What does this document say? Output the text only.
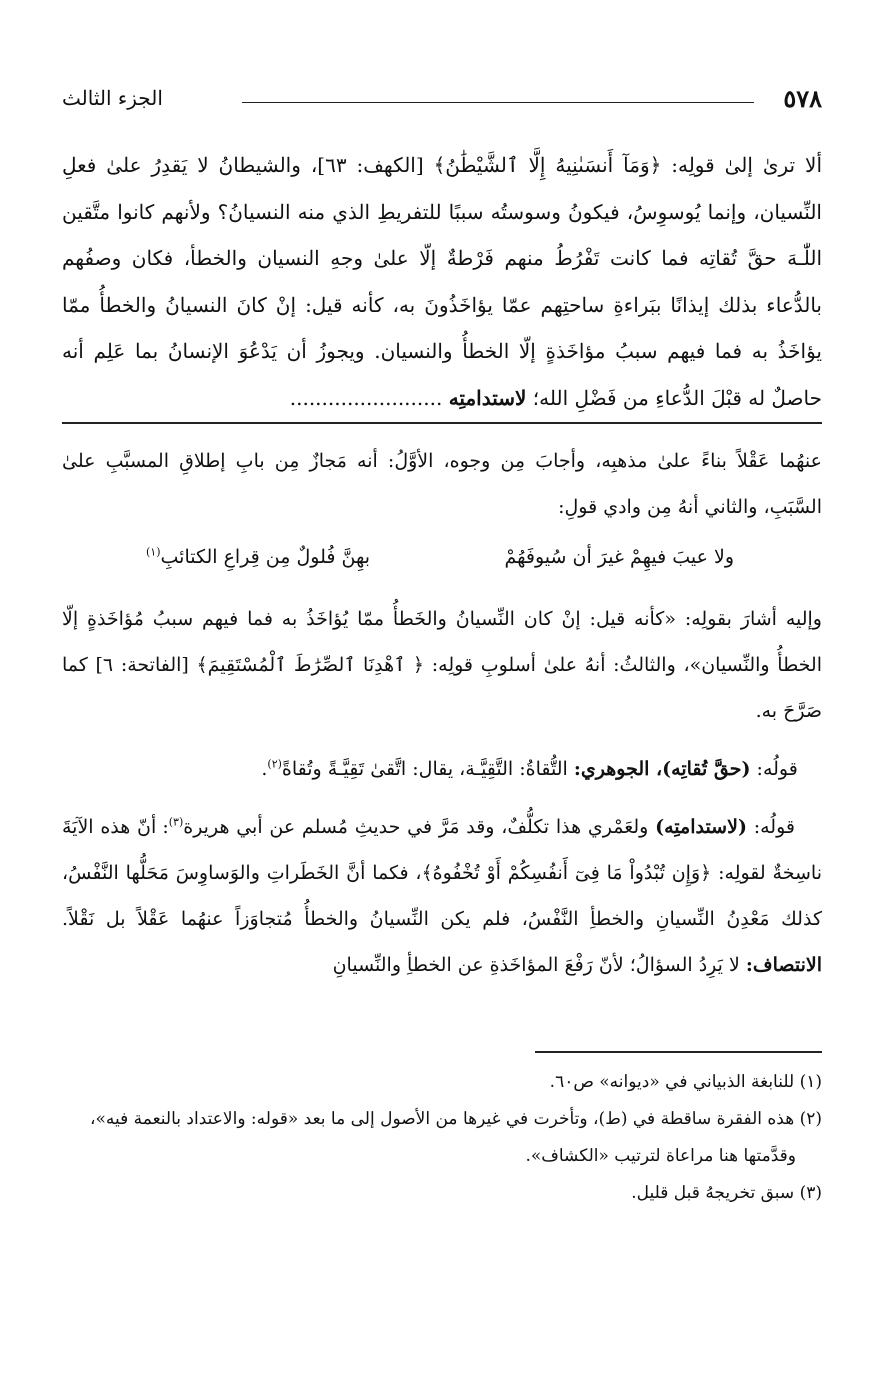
٥٧٨
الجزء الثالث

ألا ترىٰ إلىٰ قولِه: ﴿وَمَآ أَنسَىٰنِيهُ إِلَّا ٱلشَّيْطَٰنُ﴾ [الكهف: ٦٣]، والشيطانُ لا يَقدِرُ علىٰ فعلِ النِّسيان، وإنما يُوسوِسُ، فيكونُ وسوستُه سببًا للتفريطِ الذي منه النسيانُ؟ ولأنهم كانوا متَّقين اللّٰـهَ حقَّ تُقاتِه فما كانت تَفْرُطُ منهم فَرْطةٌ إلّا علىٰ وجهِ النسيان والخطأ، فكان وصفُهم بالدُّعاء بذلك إيذانًا ببَراءةِ ساحتِهم عمّا يؤاخَذُونَ به، كأنه قيل: إنْ كانَ النسيانُ والخطأُ ممّا يؤاخَذُ به فما فيهم سببُ مؤاخَذةٍ إلّا الخطأُ والنسيان. ويجوزُ أن يَدْعُوَ الإنسانُ بما عَلِم أنه حاصلٌ له قبْلَ الدُّعاءِ من فَضْلِ الله؛ لاستدامتِه ........................

عنهُما عَقْلاً بناءً علىٰ مذهبِه، وأجابَ مِن وجوه، الأوَّلُ: أنه مَجازٌ مِن بابِ إطلاقِ المسبَّبِ علىٰ السَّبَبِ، والثاني أنهُ مِن وادي قولِ:

ولا عيبَ فيهِمْ غيرَ أن سُيوفَهُمْ
بهِنَّ فُلولٌ مِن قِراعِ الكتائبِ$^{(١)}$

وإليه أشارَ بقولِه: «كأنه قيل: إنْ كان النِّسيانُ والخَطأُ ممّا يُؤاخَذُ به فما فيهم سببُ مُؤاخَذةٍ إلّا الخطأُ والنِّسيان»، والثالثُ: أنهُ علىٰ أسلوبِ قولِه: ﴿ ٱهْدِنَا ٱلصِّرَٰطَ ٱلْمُسْتَقِيمَ﴾ [الفاتحة: ٦] كما صَرَّحَ به.

قولُه: (حقَّ تُقاتِه)، الجوهري: التُّقاةُ: التَّقِيَّـة، يقال: اتَّقىٰ تَقِيَّـةً وتُقاةً$^{(٢)}$.

قولُه: (لاستدامتِه) ولعَمْري هذا تكلُّفٌ، وقد مَرَّ في حديثِ مُسلم عن أبي هريرة$^{(٣)}$: أنّ هذه الآيَةَ ناسِخةٌ لقولِه: ﴿وَإِن تُبْدُواْ مَا فِىٓ أَنفُسِكُمْ أَوْ تُخْفُوهُ﴾، فكما أنَّ الخَطَراتِ والوَساوِسَ مَحَلُّها النَّفْسُ، كذلك مَعْدِنُ النِّسيانِ والخطأِ النَّفْسُ، فلم يكن النِّسيانُ والخطأُ مُتجاوَزاً عنهُما عَقْلاً بل نَقْلاً. الانتصاف: لا يَرِدُ السؤالُ؛ لأنّ رَفْعَ المؤاخَذةِ عن الخطأِ والنِّسيانِ

(١) للنابغة الذبياني في «ديوانه» ص٦٠.

(٢) هذه الفقرة ساقطة في (ط)، وتأخرت في غيرها من الأصول إلى ما بعد «قوله: والاعتداد بالنعمة فيه»،

وقدَّمتها هنا مراعاة لترتيب «الكشاف».

(٣) سبق تخريجهُ قبل قليل.
